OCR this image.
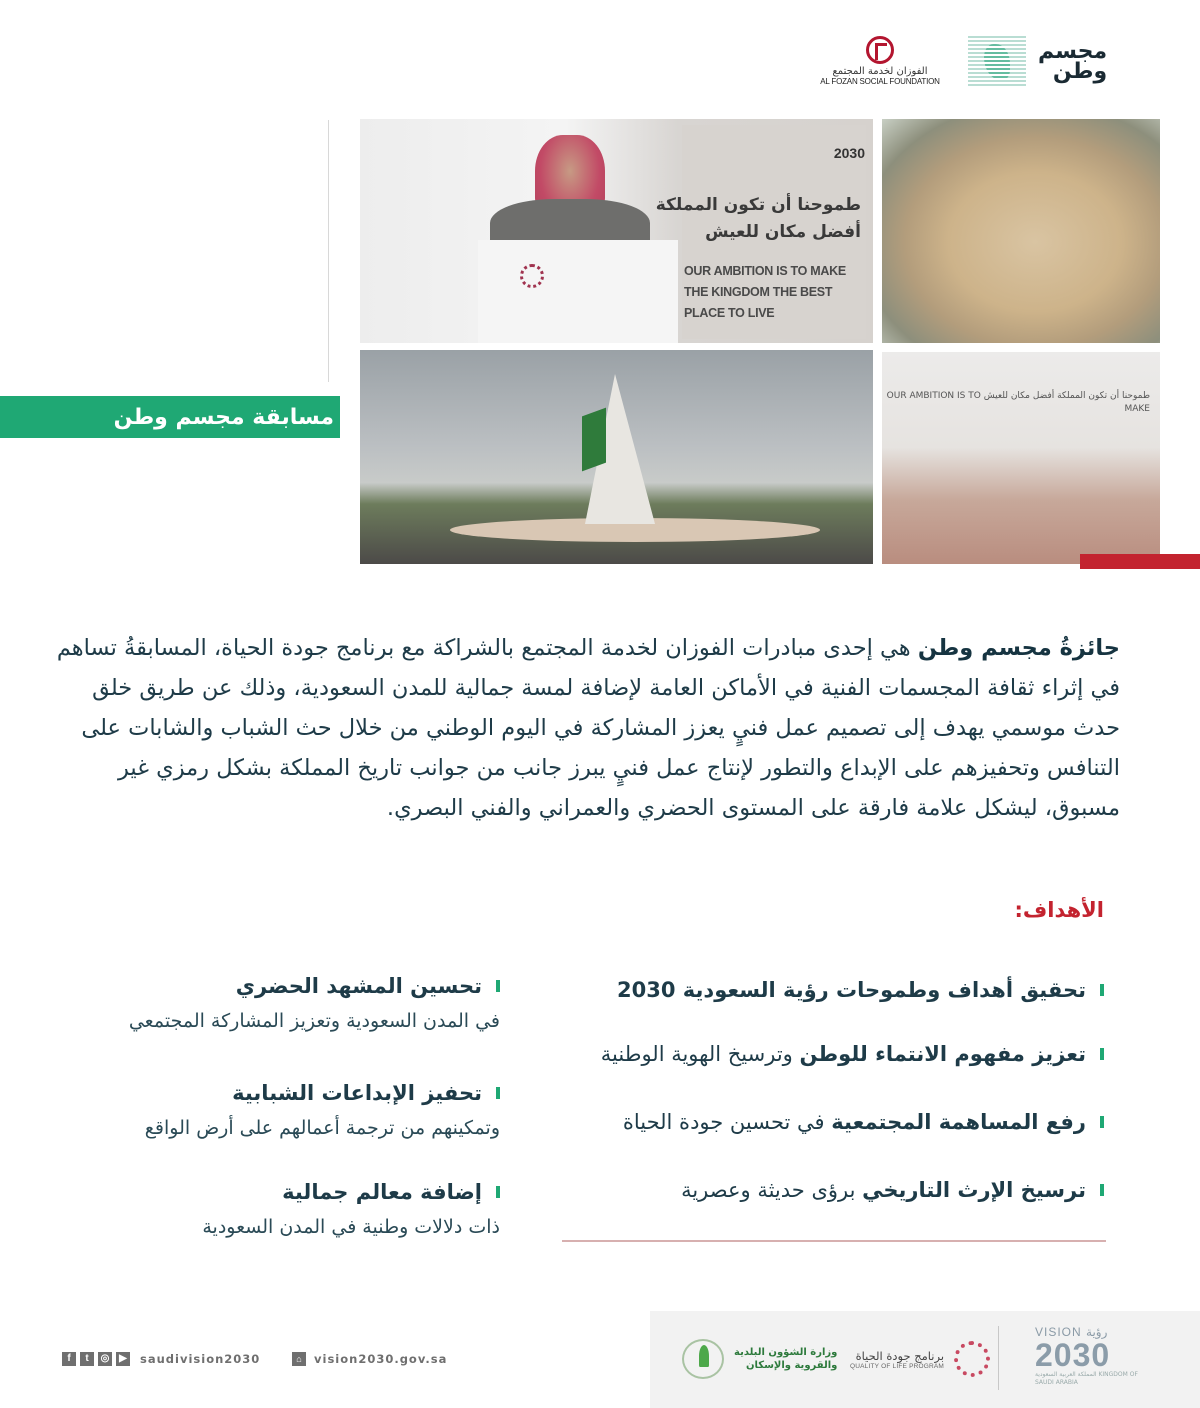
الفوزان لخدمة المجتمع
AL FOZAN SOCIAL FOUNDATION
مجسم
وطن
مسابقة مجسم وطن
2030
طموحنا أن تكون المملكة
أفضل مكان للعيش
OUR AMBITION IS TO MAKE THE KINGDOM THE BEST PLACE TO LIVE
طموحنا أن تكون المملكة أفضل مكان للعيش OUR AMBITION IS TO MAKE

جائزةُ مجسم وطن هي إحدى مبادرات الفوزان لخدمة المجتمع بالشراكة مع برنامج جودة الحياة، المسابقةُ تساهم في إثراء ثقافة المجسمات الفنية في الأماكن العامة لإضافة لمسة جمالية للمدن السعودية، وذلك عن طريق خلق حدث موسمي يهدف إلى تصميم عمل فنيٍ يعزز المشاركة في اليوم الوطني من خلال حث الشباب والشابات على التنافس وتحفيزهم على الإبداع والتطور لإنتاج عمل فنيٍ يبرز جانب من جوانب تاريخ المملكة بشكل رمزي غير مسبوق، ليشكل علامة فارقة على المستوى الحضري والعمراني والفني البصري.

الأهداف:
تحقيق أهداف وطموحات رؤية السعودية 2030
تعزيز مفهوم الانتماء للوطن وترسيخ الهوية الوطنية
رفع المساهمة المجتمعية في تحسين جودة الحياة
ترسيخ الإرث التاريخي برؤى حديثة وعصرية
تحسين المشهد الحضري
في المدن السعودية وتعزيز المشاركة المجتمعي
تحفيز الإبداعات الشبابية
وتمكينهم من ترجمة أعمالهم على أرض الواقع
إضافة معالم جمالية
ذات دلالات وطنية في المدن السعودية
f	t	◎ ▶ saudivision2030	⌂	vision2030.gov.sa	وزارة الشؤون البلدية
والقروية والإسكان
برنامج جودة الحياة
QUALITY OF LIFE PROGRAM
VISION رؤية
2030
المملكة العربية السعودية KINGDOM OF SAUDI ARABIA
